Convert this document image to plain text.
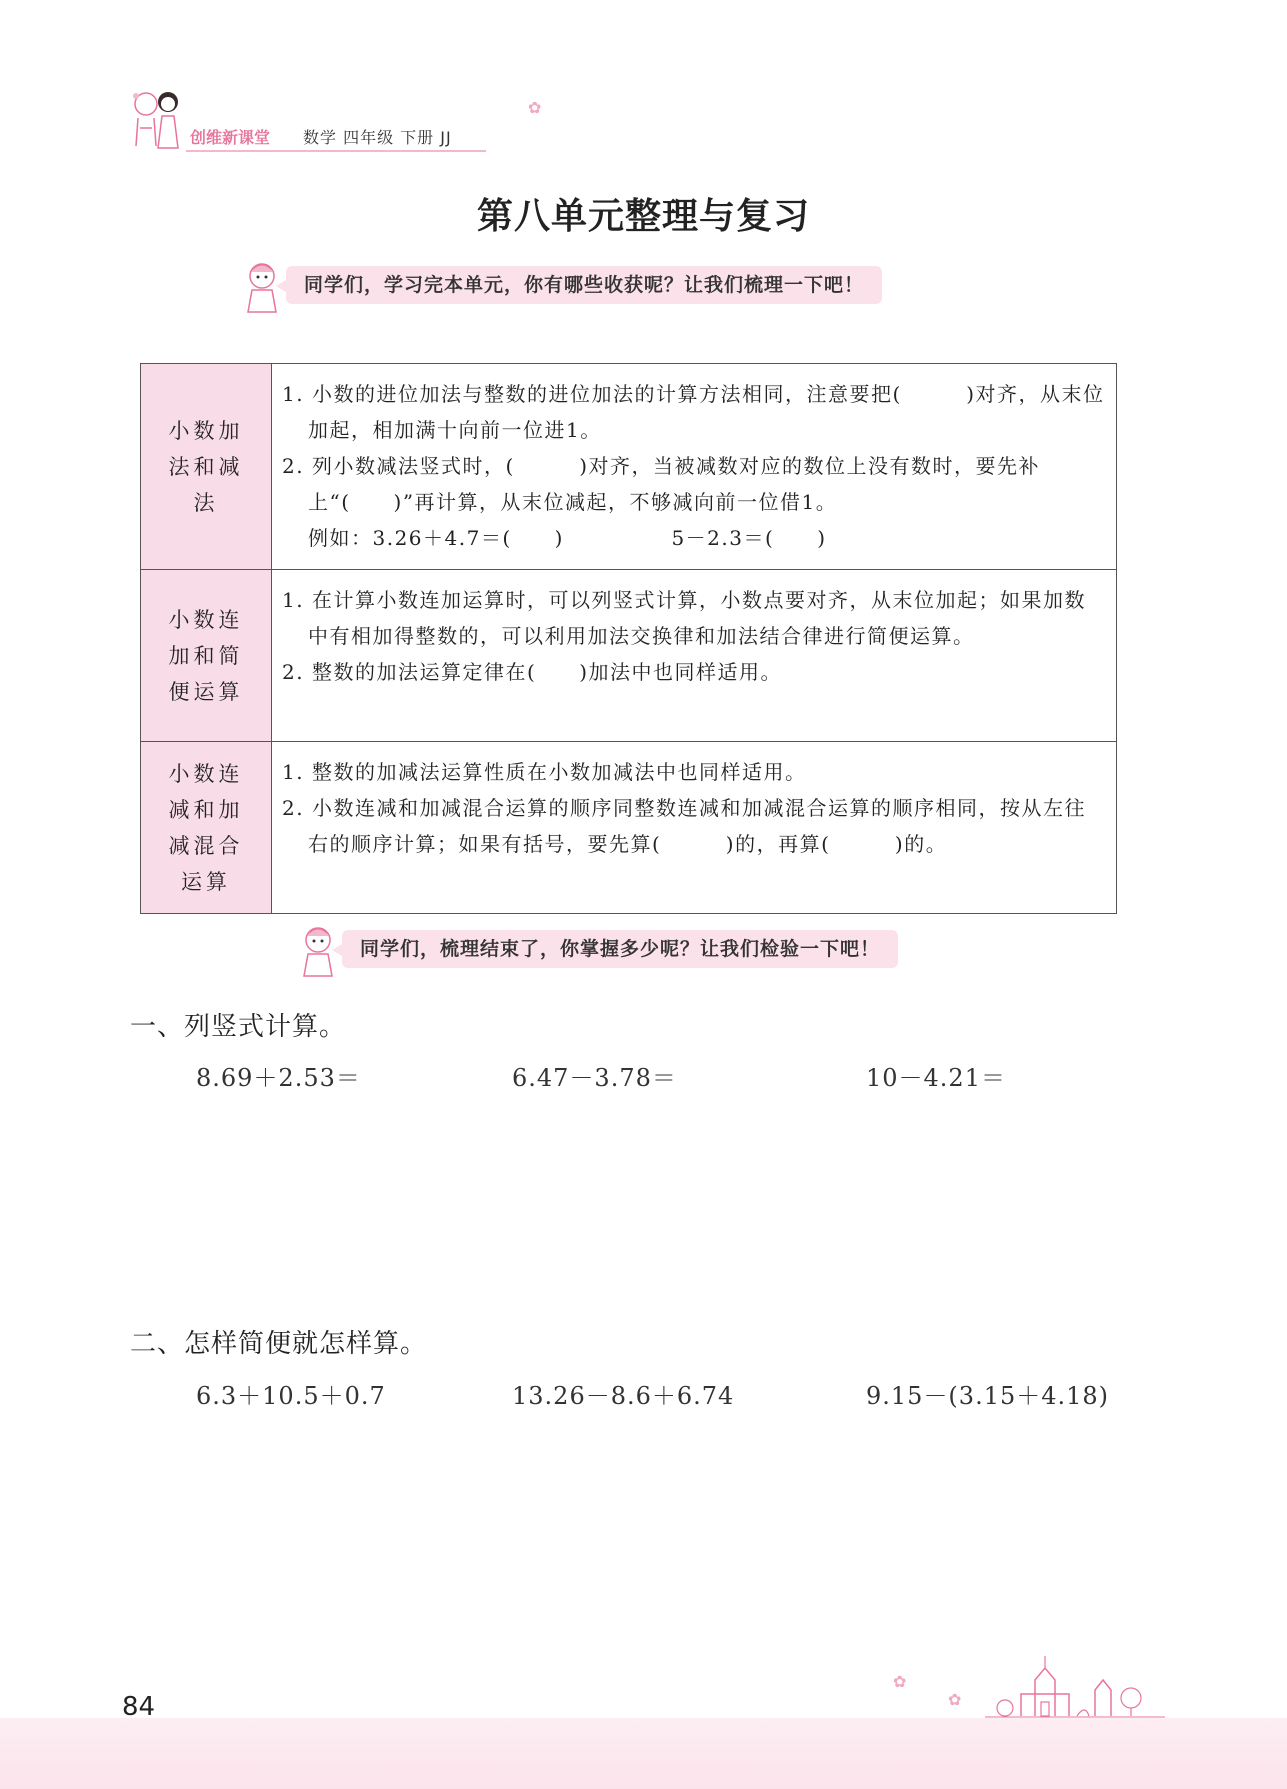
创维新课堂 数学 四年级 下册 JJ
✿
第八单元整理与复习
同学们，学习完本单元，你有哪些收获呢？让我们梳理一下吧！
小数加法和减法	1. 小数的进位加法与整数的进位加法的计算方法相同，注意要把(　　　)对齐，从末位加起，相加满十向前一位进1。
2. 列小数减法竖式时，(　　　)对齐，当被减数对应的数位上没有数时，要先补上“(　　)”再计算，从末位减起，不够减向前一位借1。
例如：3.26＋4.7＝(　　)　　　　　5－2.3＝(　　)

小数连加和简便运算	1. 在计算小数连加运算时，可以列竖式计算，小数点要对齐，从末位加起；如果加数中有相加得整数的，可以利用加法交换律和加法结合律进行简便运算。
2. 整数的加法运算定律在(　　)加法中也同样适用。

小数连减和加减混合运算	1. 整数的加减法运算性质在小数加减法中也同样适用。
2. 小数连减和加减混合运算的顺序同整数连减和加减混合运算的顺序相同，按从左往右的顺序计算；如果有括号，要先算(　　　)的，再算(　　　)的。
同学们，梳理结束了，你掌握多少呢？让我们检验一下吧！
一、列竖式计算。
8.69＋2.53＝	6.47－3.78＝	10－4.21＝
二、怎样简便就怎样算。
6.3＋10.5＋0.7	13.26－8.6＋6.74	9.15－(3.15＋4.18)
84
✿
✿
